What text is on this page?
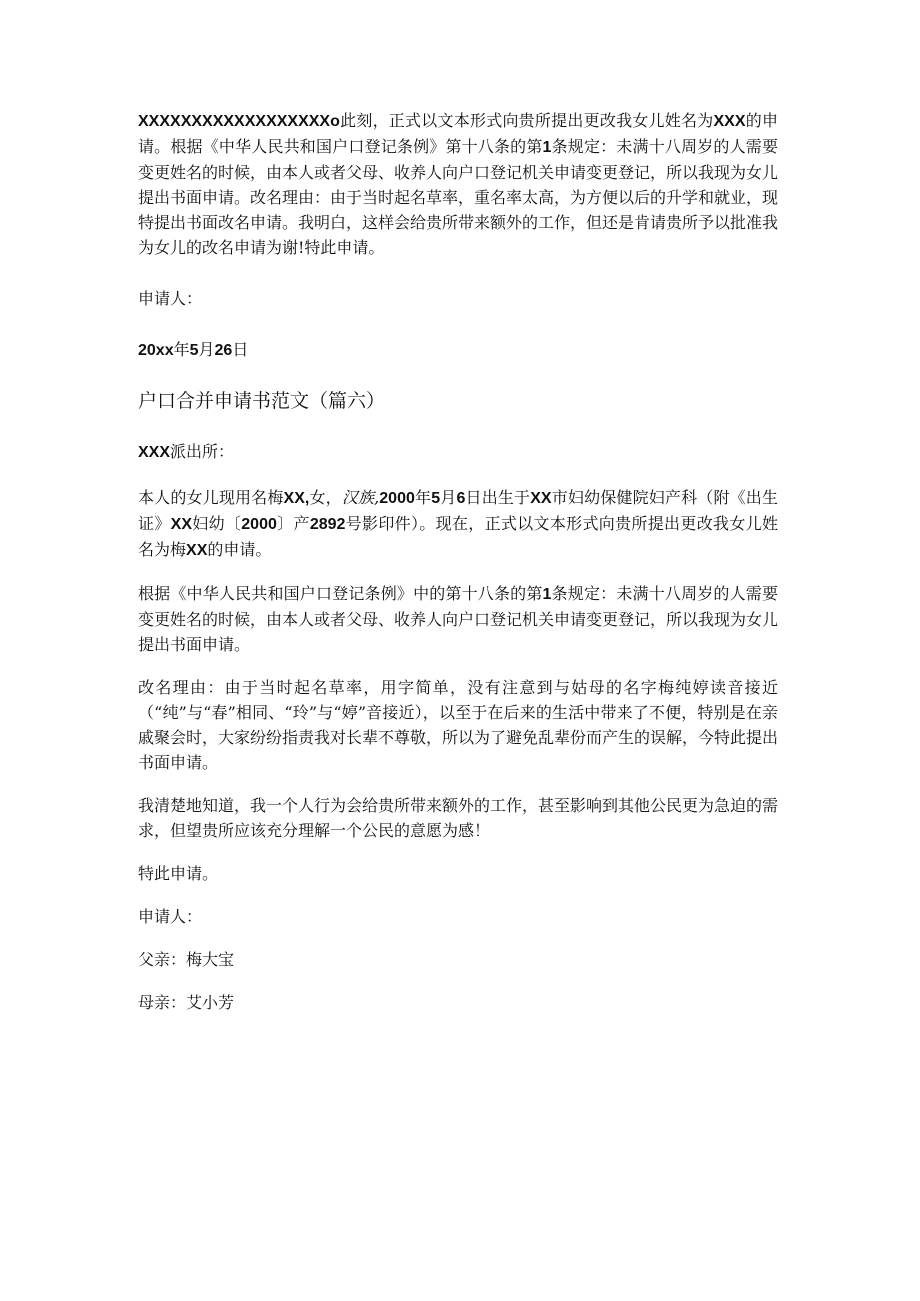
XXXXXXXXXXXXXXXXXXo此刻，正式以文本形式向贵所提出更改我女儿姓名为XXX的申请。根据《中华人民共和国户口登记条例》第十八条的第1条规定：未满十八周岁的人需要变更姓名的时候，由本人或者父母、收养人向户口登记机关申请变更登记，所以我现为女儿提出书面申请。改名理由：由于当时起名草率，重名率太高，为方便以后的升学和就业，现特提出书面改名申请。我明白，这样会给贵所带来额外的工作，但还是肯请贵所予以批准我为女儿的改名申请为谢!特此申请。

申请人：

20xx年5月26日

户口合并申请书范文（篇六）

XXX派出所：

本人的女儿现用名梅XX,女，汉族,2000年5月6日出生于XX市妇幼保健院妇产科（附《出生证》XX妇幼〔2000〕产2892号影印件）。现在，正式以文本形式向贵所提出更改我女儿姓名为梅XX的申请。

根据《中华人民共和国户口登记条例》中的第十八条的第1条规定：未满十八周岁的人需要变更姓名的时候，由本人或者父母、收养人向户口登记机关申请变更登记，所以我现为女儿提出书面申请。

改名理由：由于当时起名草率，用字简单，没有注意到与姑母的名字梅纯婷读音接近（“纯”与“春”相同、“玲”与“婷”音接近），以至于在后来的生活中带来了不便，特别是在亲戚聚会时，大家纷纷指责我对长辈不尊敬，所以为了避免乱辈份而产生的误解，今特此提出书面申请。

我清楚地知道，我一个人行为会给贵所带来额外的工作，甚至影响到其他公民更为急迫的需求，但望贵所应该充分理解一个公民的意愿为感！

特此申请。

申请人：

父亲：梅大宝

母亲：艾小芳
